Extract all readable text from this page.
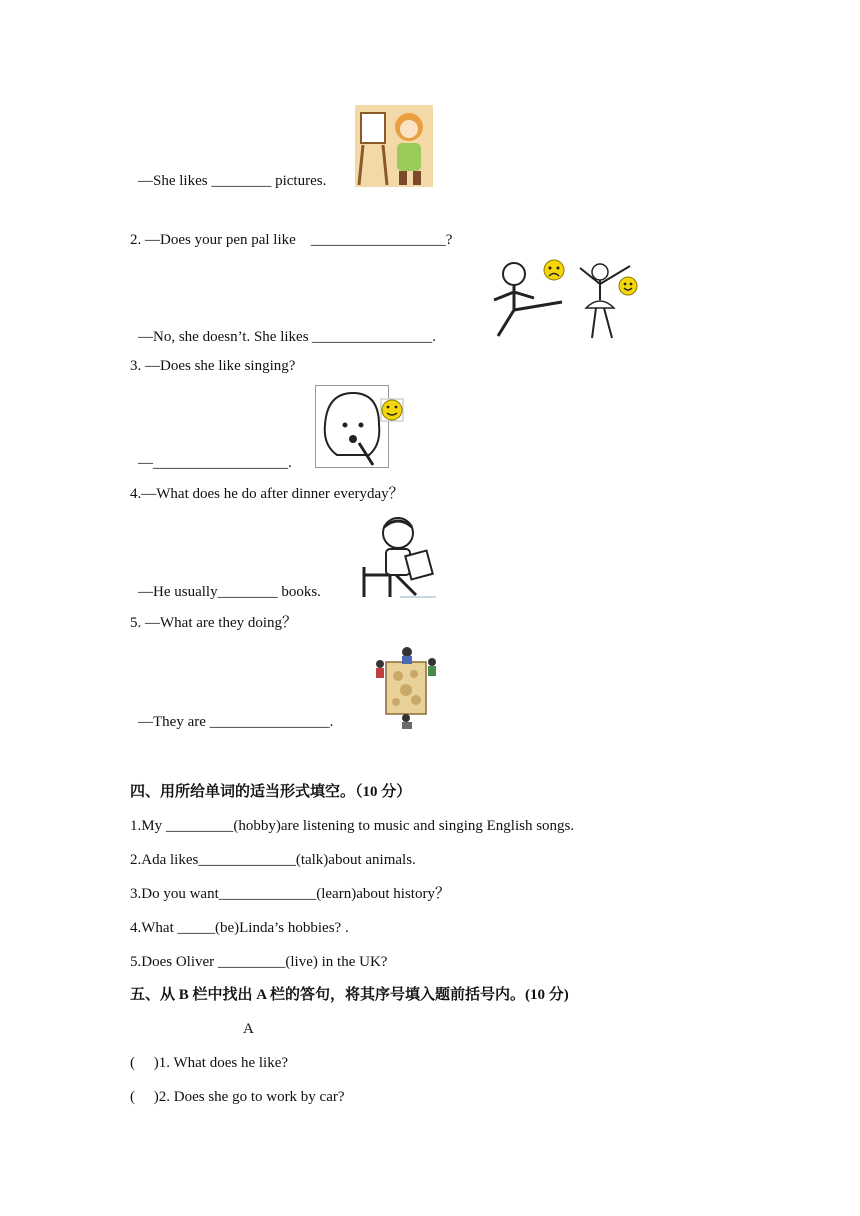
—She likes ________ pictures.
2. —Does your pen pal like    __________________?
—No, she doesn’t. She likes ________________.
3. —Does she like singing?
—__________________.
4.—What does he do after dinner everyday？
—He usually________ books.
5. —What are they doing？
—They are ________________.
四、用所给单词的适当形式填空。（10 分）
1.My _________(hobby)are listening to music and singing English songs.
2.Ada likes_____________(talk)about animals.
3.Do you want_____________(learn)about history？
4.What _____(be)Linda’s hobbies? .
5.Does Oliver _________(live) in the UK?
五、从 B 栏中找出 A 栏的答句，将其序号填入题前括号内。(10 分)
A
(     )1. What does he like?
(     )2. Does she go to work by car?
